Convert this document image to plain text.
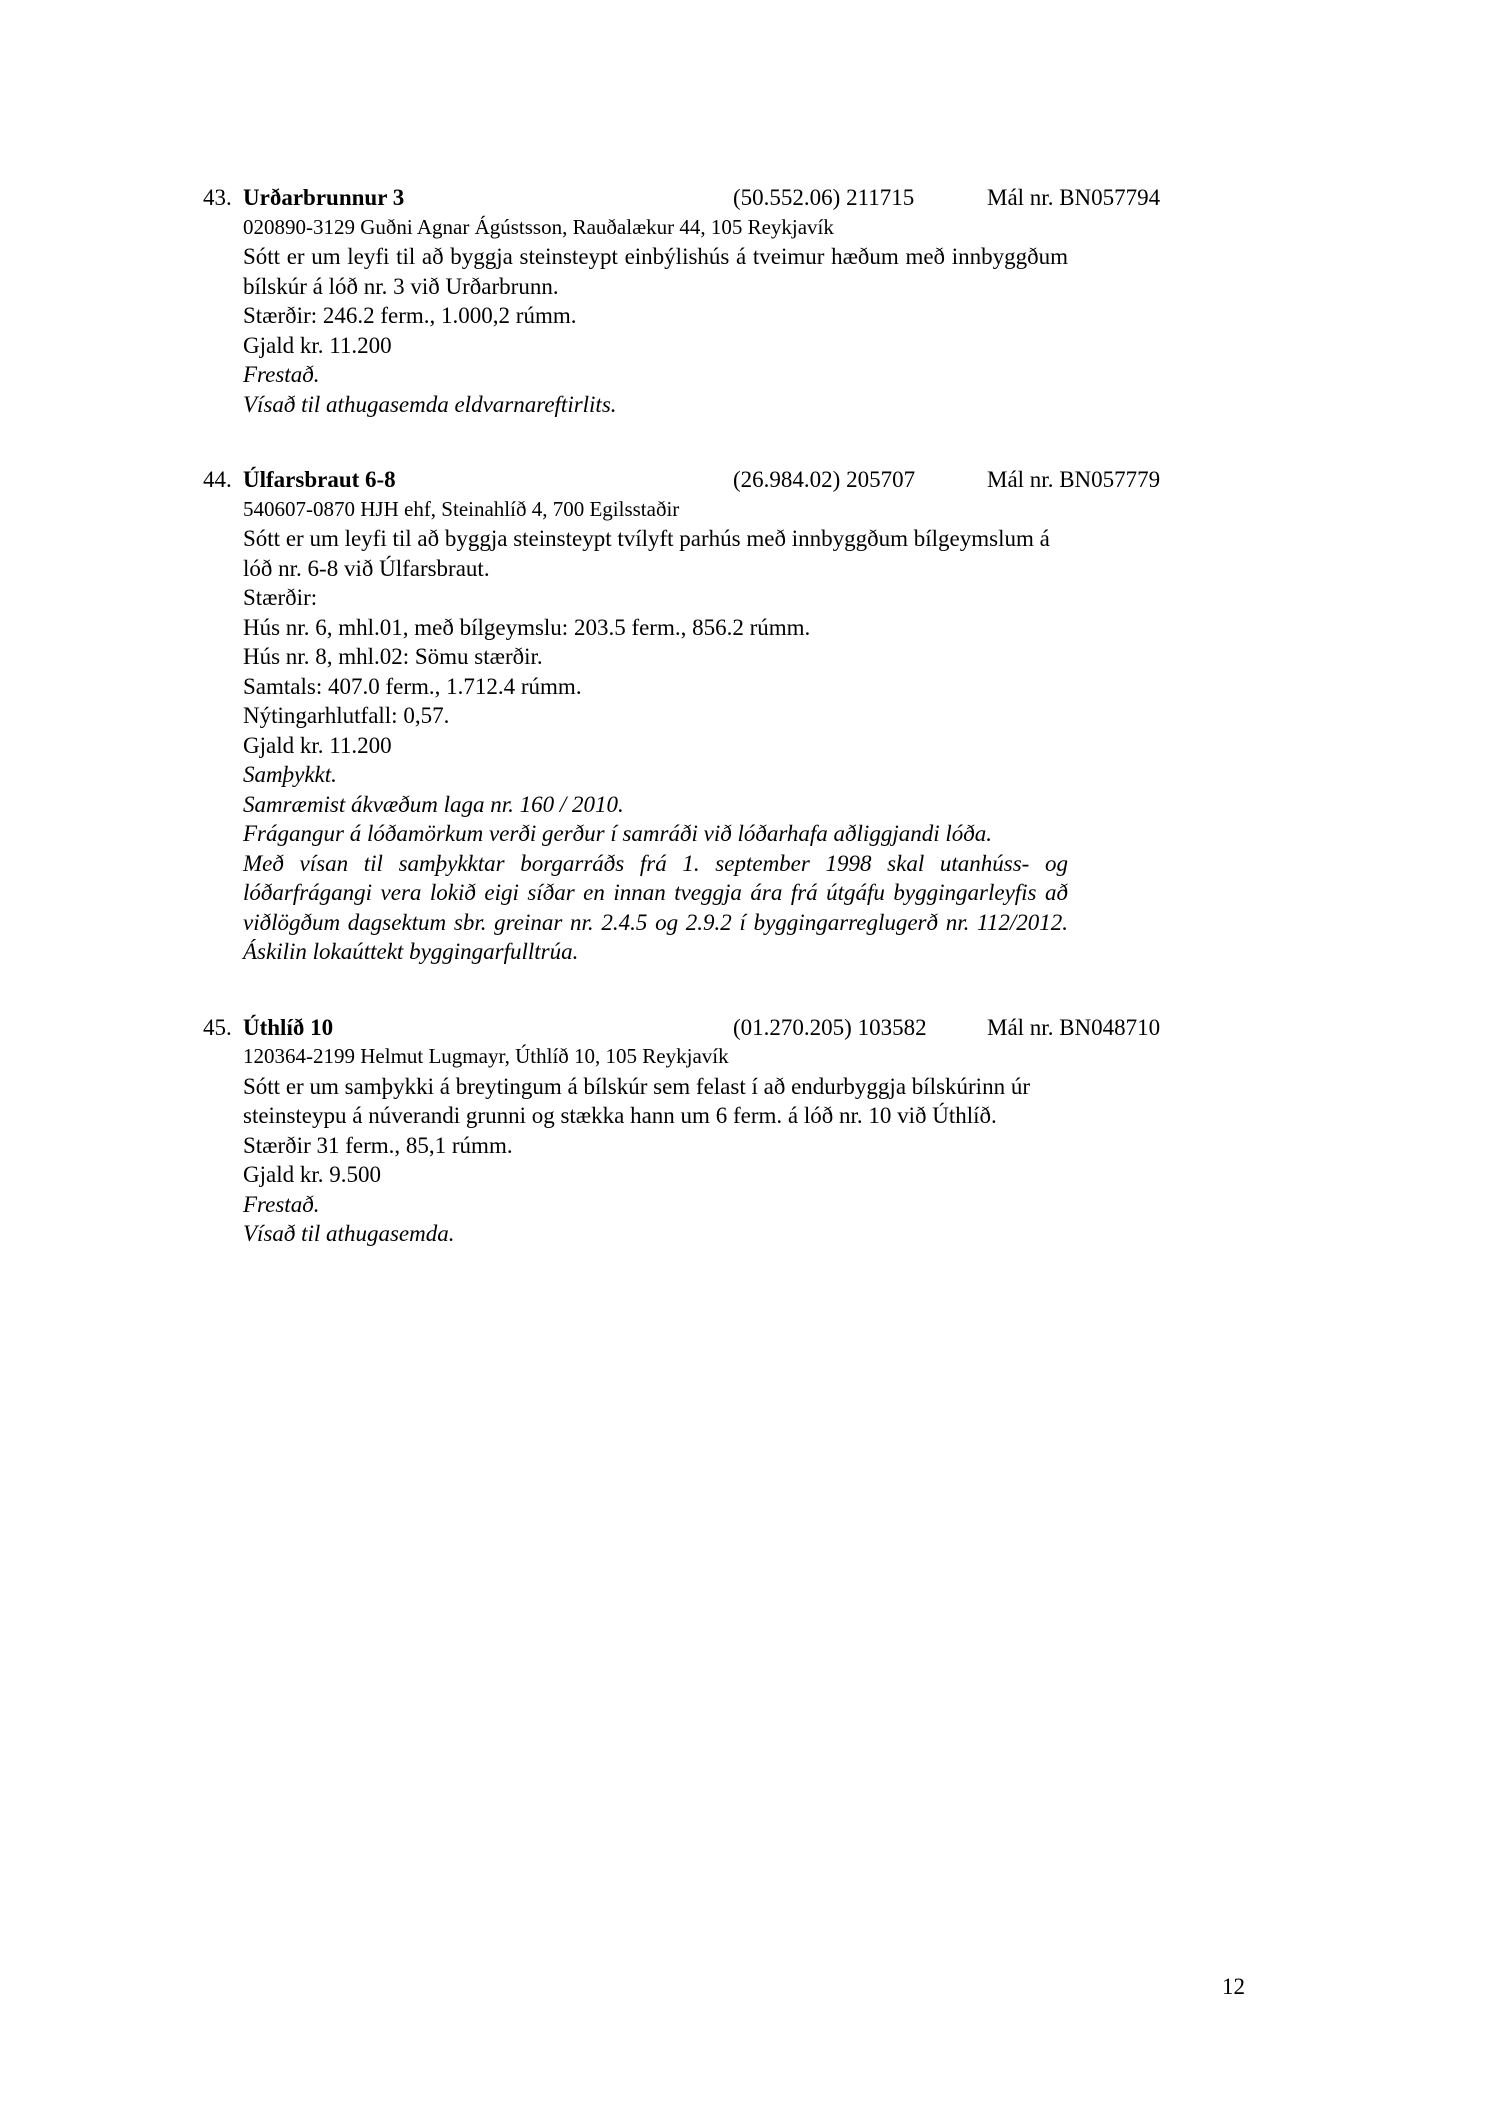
43. Urðarbrunnur 3	(50.552.06) 211715	Mál nr. BN057794
020890-3129 Guðni Agnar Ágústsson, Rauðalækur 44, 105 Reykjavík

Sótt er um leyfi til að byggja steinsteypt einbýlishús á tveimur hæðum með innbyggðum bílskúr á lóð nr. 3 við Urðarbrunn.

Stærðir: 246.2 ferm., 1.000,2 rúmm.

Gjald kr. 11.200

Frestað.

Vísað til athugasemda eldvarnareftirlits.

44. Úlfarsbraut 6-8	(26.984.02) 205707	Mál nr. BN057779
540607-0870 HJH ehf, Steinahlíð 4, 700 Egilsstaðir

Sótt er um leyfi til að byggja steinsteypt tvílyft parhús með innbyggðum bílgeymslum á lóð nr. 6-8 við Úlfarsbraut.

Stærðir:

Hús nr. 6, mhl.01, með bílgeymslu: 203.5 ferm., 856.2 rúmm.

Hús nr. 8, mhl.02: Sömu stærðir.

Samtals: 407.0 ferm., 1.712.4 rúmm.

Nýtingarhlutfall: 0,57.

Gjald kr. 11.200

Samþykkt.

Samræmist ákvæðum laga nr. 160 / 2010.

Frágangur á lóðamörkum verði gerður í samráði við lóðarhafa aðliggjandi lóða.

Með vísan til samþykktar borgarráðs frá 1. september 1998 skal utanhúss- og lóðarfrágangi vera lokið eigi síðar en innan tveggja ára frá útgáfu byggingarleyfis að viðlögðum dagsektum sbr. greinar nr. 2.4.5 og 2.9.2 í byggingarreglugerð nr. 112/2012. Áskilin lokaúttekt byggingarfulltrúa.

45. Úthlíð 10	(01.270.205) 103582	Mál nr. BN048710
120364-2199 Helmut Lugmayr, Úthlíð 10, 105 Reykjavík

Sótt er um samþykki á breytingum á bílskúr sem felast í að endurbyggja bílskúrinn úr steinsteypu á núverandi grunni og stækka hann um 6 ferm. á lóð nr. 10 við Úthlíð.

Stærðir 31 ferm., 85,1 rúmm.

Gjald kr. 9.500

Frestað.

Vísað til athugasemda.

12
